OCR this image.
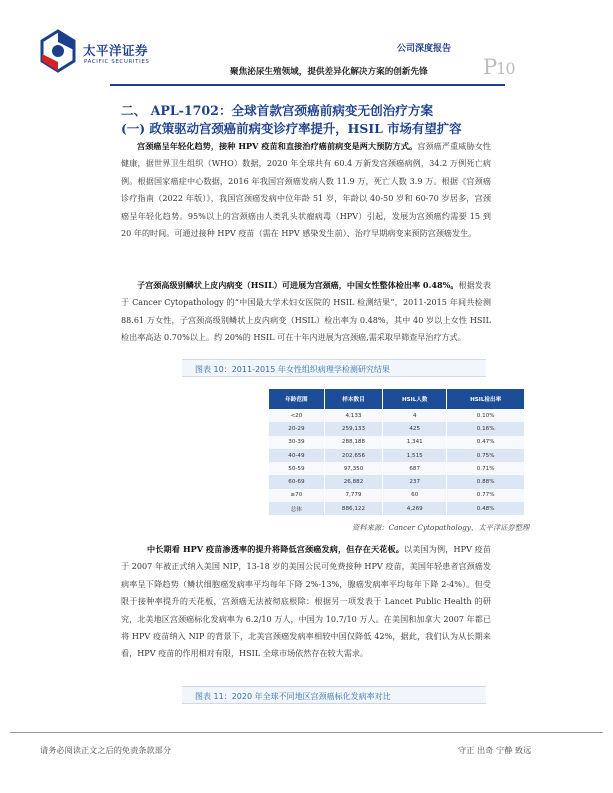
太平洋证券
PACIFIC SECURITIES
公司深度报告
P10
聚焦泌尿生殖领域，提供差异化解决方案的创新先锋
二、 APL-1702：全球首款宫颈癌前病变无创治疗方案
(一) 政策驱动宫颈癌前病变诊疗率提升，HSIL 市场有望扩容
宫颈癌呈年轻化趋势，接种 HPV 疫苗和直接治疗癌前病变是两大预防方式。宫颈癌严重威胁女性健康，据世界卫生组织（WHO）数据，2020 年全球共有 60.4 万新发宫颈癌病例，34.2 万例死亡病例。根据国家癌症中心数据，2016 年我国宫颈癌发病人数 11.9 万，死亡人数 3.9 万。根据《宫颈癌诊疗指南（2022 年版）》，我国宫颈癌发病中位年龄 51 岁，年龄以 40-50 岁和 60-70 岁居多，宫颈癌呈年轻化趋势。95%以上的宫颈癌由人类乳头状瘤病毒（HPV）引起，发展为宫颈癌约需要 15 到 20 年的时间。可通过接种 HPV 疫苗（需在 HPV 感染发生前）、治疗早期病变来预防宫颈癌发生。
子宫颈高级别鳞状上皮内病变（HSIL）可进展为宫颈癌，中国女性整体检出率 0.48%。根据发表于 Cancer Cytopathology 的“中国最大学术妇女医院的 HSIL 检测结果”，2011-2015 年间共检测 88.61 万女性，子宫颈高级别鳞状上皮内病变（HSIL）检出率为 0.48%，其中 40 岁以上女性 HSIL 检出率高达 0.70%以上。约 20%的 HSIL 可在十年内进展为宫颈癌,需采取早筛查早治疗方式。
图表 10：2011-2015 年女性组织病理学检测研究结果
年龄范围	样本数目	HSIL人数	HSIL检出率
<20	4,133	4	0.10%
20-29	259,133	425	0.16%
30-39	288,188	1,341	0.47%
40-49	202,656	1,515	0.75%
50-59	97,350	687	0.71%
60-69	26,882	237	0.88%
≥70	7,779	60	0.77%
总体	886,122	4,269	0.48%
资料来源：Cancer Cytopathology，太平洋证券整理
中长期看 HPV 疫苗渗透率的提升将降低宫颈癌发病，但存在天花板。以美国为例，HPV 疫苗于 2007 年被正式纳入美国 NIP，13-18 岁的美国公民可免费接种 HPV 疫苗，美国年轻患者宫颈癌发病率呈下降趋势（鳞状细胞癌发病率平均每年下降 2%-13%，腺癌发病率平均每年下降 2-4%）。但受限于接种率提升的天花板，宫颈癌无法被彻底根除：根据另一项发表于 Lancet Public Health 的研究，北美地区宫颈癌标化发病率为 6.2/10 万人，中国为 10.7/10 万人。在美国和加拿大 2007 年都已将 HPV 疫苗纳入 NIP 的背景下，北美宫颈癌发病率相较中国仅降低 42%，据此，我们认为从长期来看，HPV 疫苗的作用相对有限，HSIL 全球市场依然存在较大需求。
图表 11：2020 年全球不同地区宫颈癌标化发病率对比
请务必阅读正文之后的免责条款部分	守正 出奇 宁静 致远
